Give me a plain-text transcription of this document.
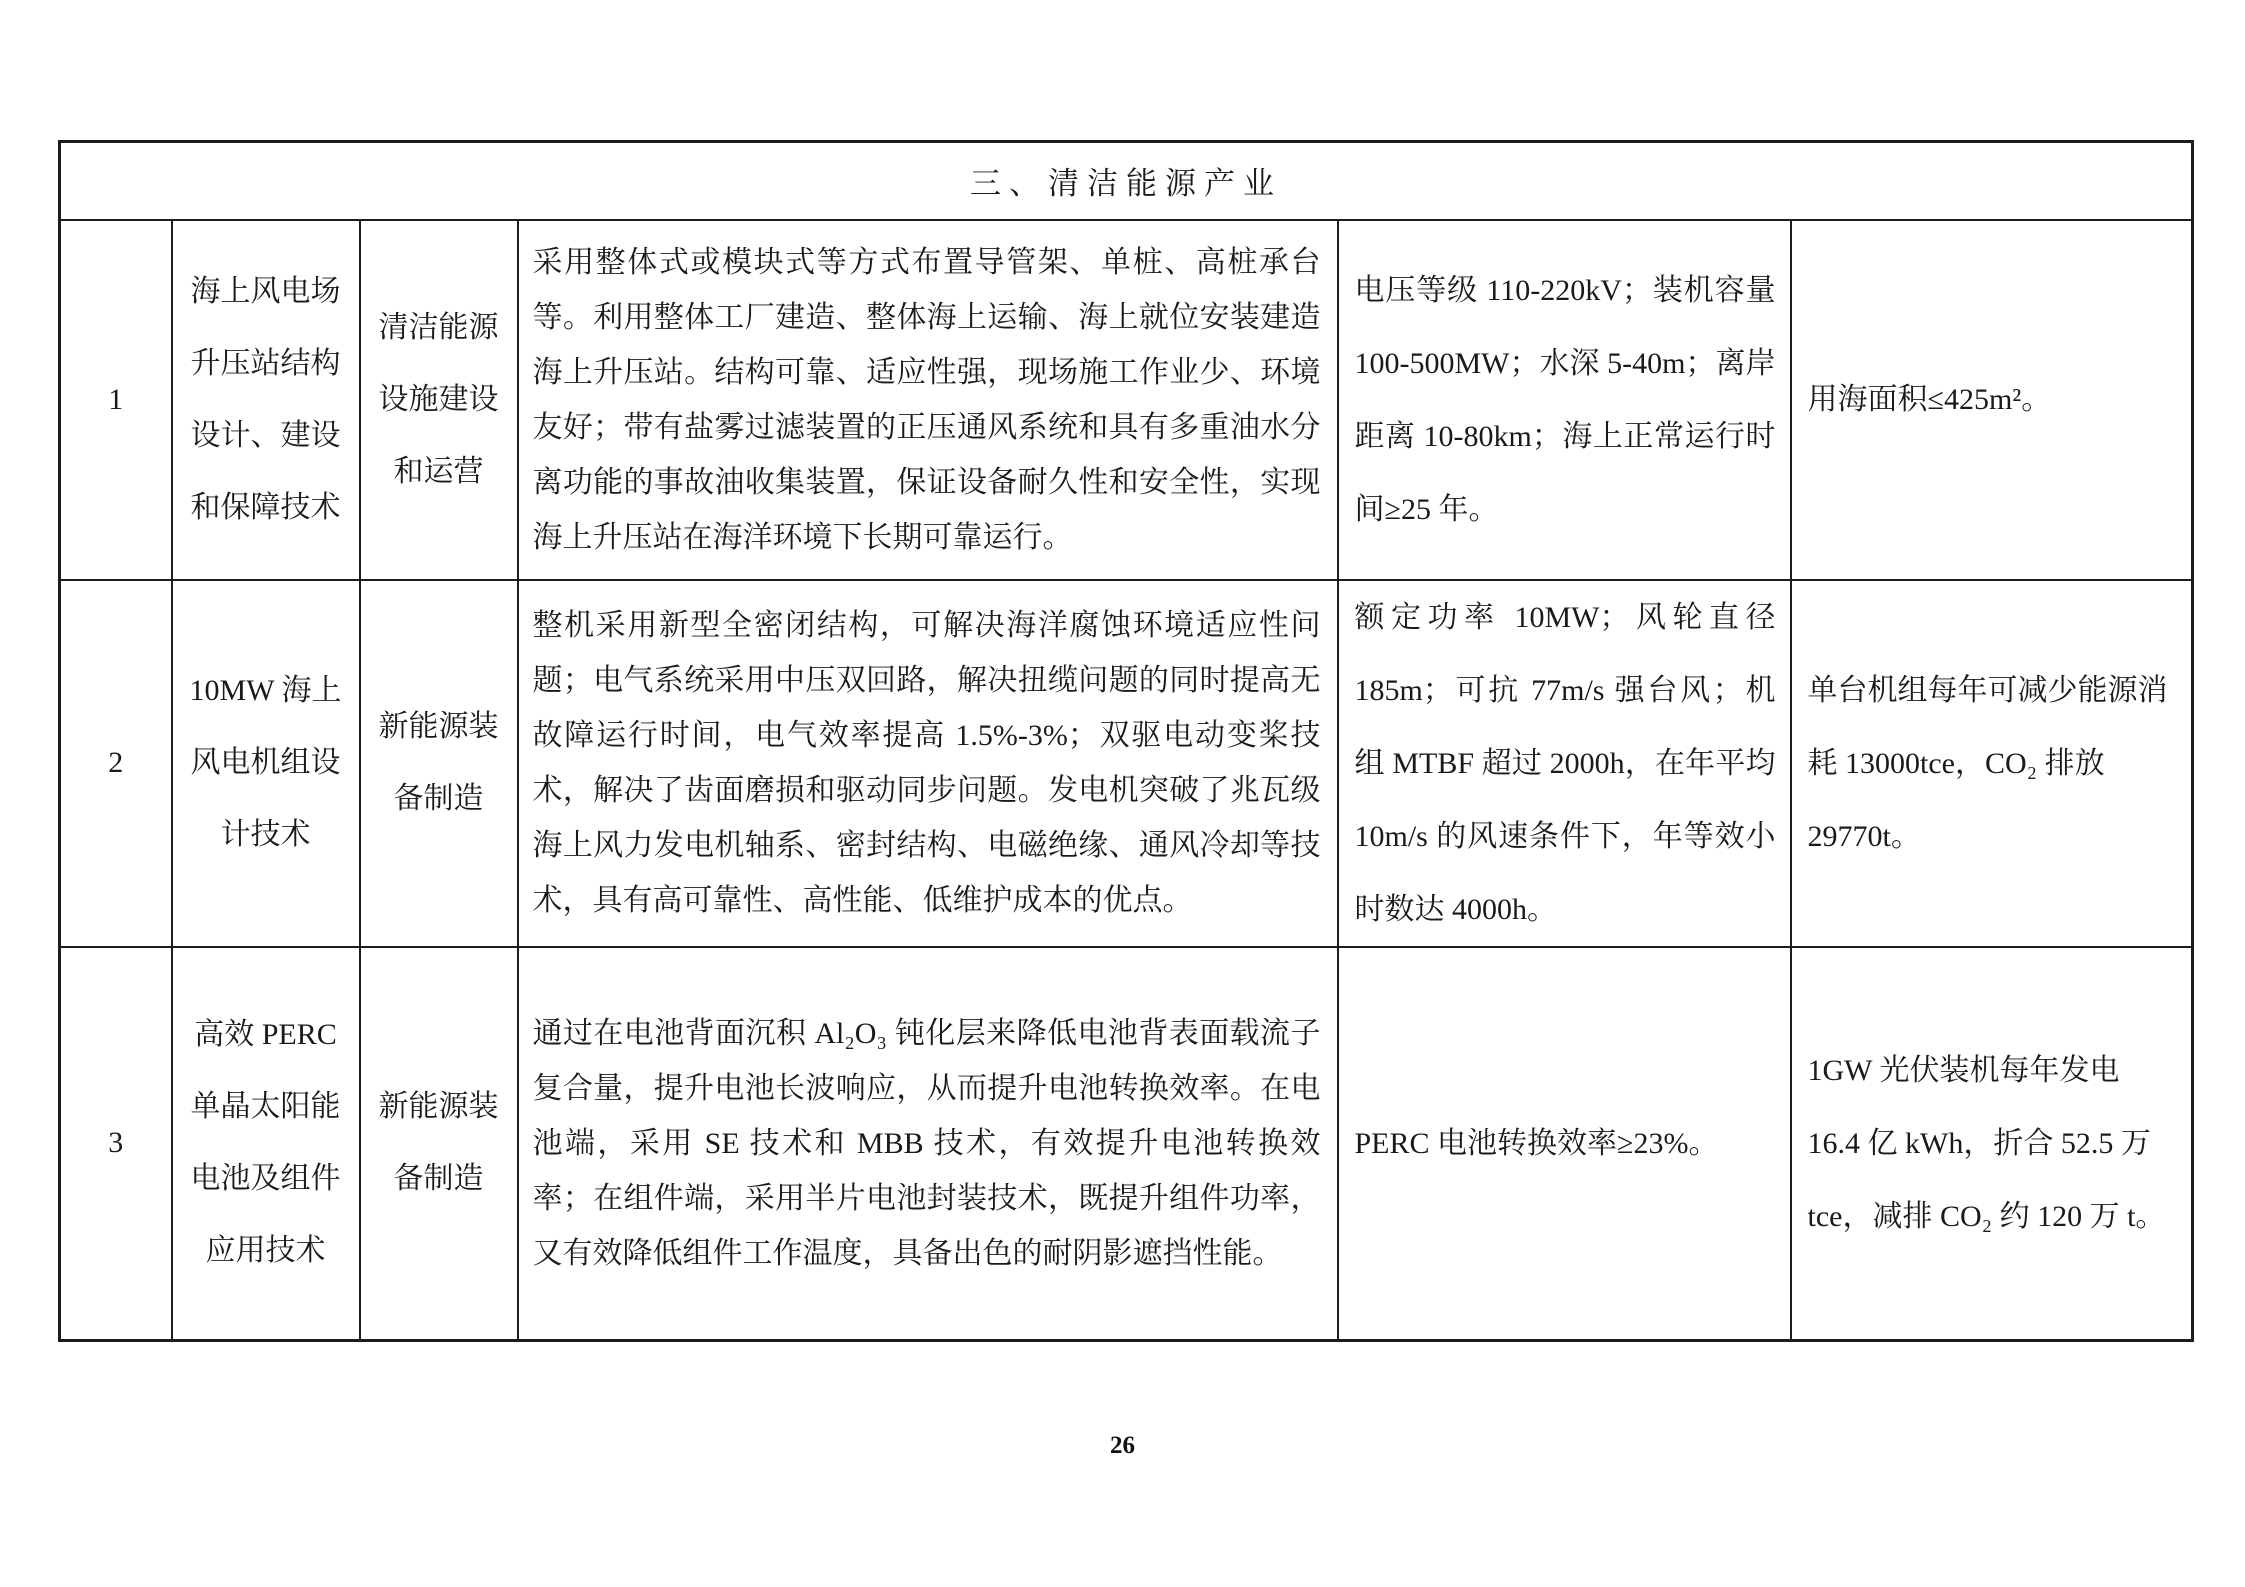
三、清洁能源产业					
1	海上风电场升压站结构设计、建设和保障技术	清洁能源设施建设和运营	采用整体式或模块式等方式布置导管架、单桩、高桩承台等。利用整体工厂建造、整体海上运输、海上就位安装建造海上升压站。结构可靠、适应性强，现场施工作业少、环境友好；带有盐雾过滤装置的正压通风系统和具有多重油水分离功能的事故油收集装置，保证设备耐久性和安全性，实现海上升压站在海洋环境下长期可靠运行。	电压等级 110-220kV；装机容量 100-500MW；水深 5-40m；离岸距离 10-80km；海上正常运行时间≥25 年。	用海面积≤425m²。
2	10MW 海上风电机组设计技术	新能源装备制造	整机采用新型全密闭结构，可解决海洋腐蚀环境适应性问题；电气系统采用中压双回路，解决扭缆问题的同时提高无故障运行时间，电气效率提高 1.5%-3%；双驱电动变桨技术，解决了齿面磨损和驱动同步问题。发电机突破了兆瓦级海上风力发电机轴系、密封结构、电磁绝缘、通风冷却等技术，具有高可靠性、高性能、低维护成本的优点。	额定功率 10MW；风轮直径 185m；可抗 77m/s 强台风；机组 MTBF 超过 2000h，在年平均 10m/s 的风速条件下，年等效小时数达 4000h。	单台机组每年可减少能源消耗 13000tce，CO₂ 排放 29770t。
3	高效 PERC 单晶太阳能电池及组件应用技术	新能源装备制造	通过在电池背面沉积 Al₂O₃ 钝化层来降低电池背表面载流子复合量，提升电池长波响应，从而提升电池转换效率。在电池端，采用 SE 技术和 MBB 技术，有效提升电池转换效率；在组件端，采用半片电池封装技术，既提升组件功率，又有效降低组件工作温度，具备出色的耐阴影遮挡性能。	PERC 电池转换效率≥23%。	1GW 光伏装机每年发电 16.4 亿 kWh，折合 52.5 万 tce，减排 CO₂ 约 120 万 t。
26
